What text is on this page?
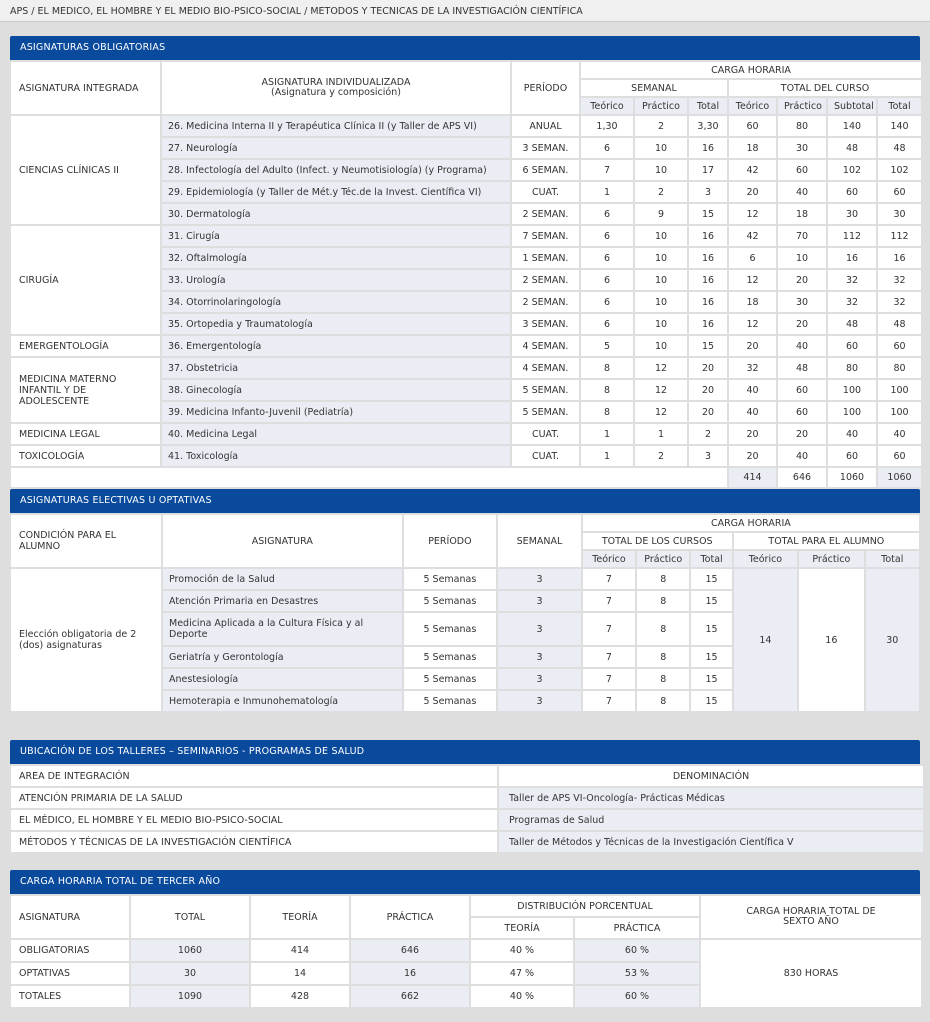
APS / EL MEDICO, EL HOMBRE Y EL MEDIO BIO-PSICO-SOCIAL / METODOS Y TECNICAS DE LA INVESTIGACIÓN CIENTÍFICA
ASIGNATURAS OBLIGATORIAS
ASIGNATURA INTEGRADA	ASIGNATURA INDIVIDUALIZADA
(Asignatura y composición)	PERÍODO	CARGA HORARIA						
			SEMANAL			TOTAL DEL CURSO			
			Teórico	Práctico	Total	Teórico	Práctico	Subtotal	Total
CIENCIAS CLÍNICAS II	26. Medicina Interna II y Terapéutica Clínica II (y Taller de APS VI)	ANUAL	1,30	2	3,30	60	80	140	140
	27. Neurología	3 SEMAN.	6	10	16	18	30	48	48
	28. Infectología del Adulto (Infect. y Neumotisiología) (y Programa)	6 SEMAN.	7	10	17	42	60	102	102
	29. Epidemiología (y Taller de Mét.y Téc.de la Invest. Científica VI)	CUAT.	1	2	3	20	40	60	60
	30. Dermatología	2 SEMAN.	6	9	15	12	18	30	30
CIRUGÍA	31. Cirugía	7 SEMAN.	6	10	16	42	70	112	112
	32. Oftalmología	1 SEMAN.	6	10	16	6	10	16	16
	33. Urología	2 SEMAN.	6	10	16	12	20	32	32
	34. Otorrinolaringología	2 SEMAN.	6	10	16	18	30	32	32
	35. Ortopedia y Traumatología	3 SEMAN.	6	10	16	12	20	48	48
EMERGENTOLOGÍA	36. Emergentología	4 SEMAN.	5	10	15	20	40	60	60
MEDICINA MATERNO INFANTIL Y DE ADOLESCENTE	37. Obstetricia	4 SEMAN.	8	12	20	32	48	80	80
	38. Ginecología	5 SEMAN.	8	12	20	40	60	100	100
	39. Medicina Infanto-Juvenil (Pediatría)	5 SEMAN.	8	12	20	40	60	100	100
MEDICINA LEGAL	40. Medicina Legal	CUAT.	1	1	2	20	20	40	40
TOXICOLOGÍA	41. Toxicología	CUAT.	1	2	3	20	40	60	60
						414	646	1060	1060
ASIGNATURAS ELECTIVAS U OPTATIVAS
CONDICIÓN PARA EL ALUMNO	ASIGNATURA	PERÍODO	SEMANAL	CARGA HORARIA					
				TOTAL DE LOS CURSOS			TOTAL PARA EL ALUMNO		
				Teórico	Práctico	Total	Teórico	Práctico	Total
Elección obligatoria de 2 (dos) asignaturas	Promoción de la Salud	5 Semanas	3	7	8	15	14	16	30
	Atención Primaria en Desastres	5 Semanas	3	7	8	15			
	Medicina Aplicada a la Cultura Física y al Deporte	5 Semanas	3	7	8	15			
	Geriatría y Gerontología	5 Semanas	3	7	8	15			
	Anestesiología	5 Semanas	3	7	8	15			
	Hemoterapia e Inmunohematología	5 Semanas	3	7	8	15			
UBICACIÓN DE LOS TALLERES – SEMINARIOS - PROGRAMAS DE SALUD
AREA DE INTEGRACIÓN	DENOMINACIÓN
ATENCIÓN PRIMARIA DE LA SALUD	Taller de APS VI-Oncología- Prácticas Médicas
EL MÉDICO, EL HOMBRE Y EL MEDIO BIO-PSICO-SOCIAL	Programas de Salud
MÉTODOS Y TÉCNICAS DE LA INVESTIGACIÓN CIENTÍFICA	Taller de Métodos y Técnicas de la Investigación Científica V
CARGA HORARIA TOTAL DE TERCER AÑO
ASIGNATURA	TOTAL	TEORÍA	PRÁCTICA	DISTRIBUCIÓN PORCENTUAL		CARGA HORARIA TOTAL DE SEXTO AÑO
				TEORÍA	PRÁCTICA	
OBLIGATORIAS	1060	414	646	40 %	60 %	830 HORAS
OPTATIVAS	30	14	16	47 %	53 %	
TOTALES	1090	428	662	40 %	60 %	
